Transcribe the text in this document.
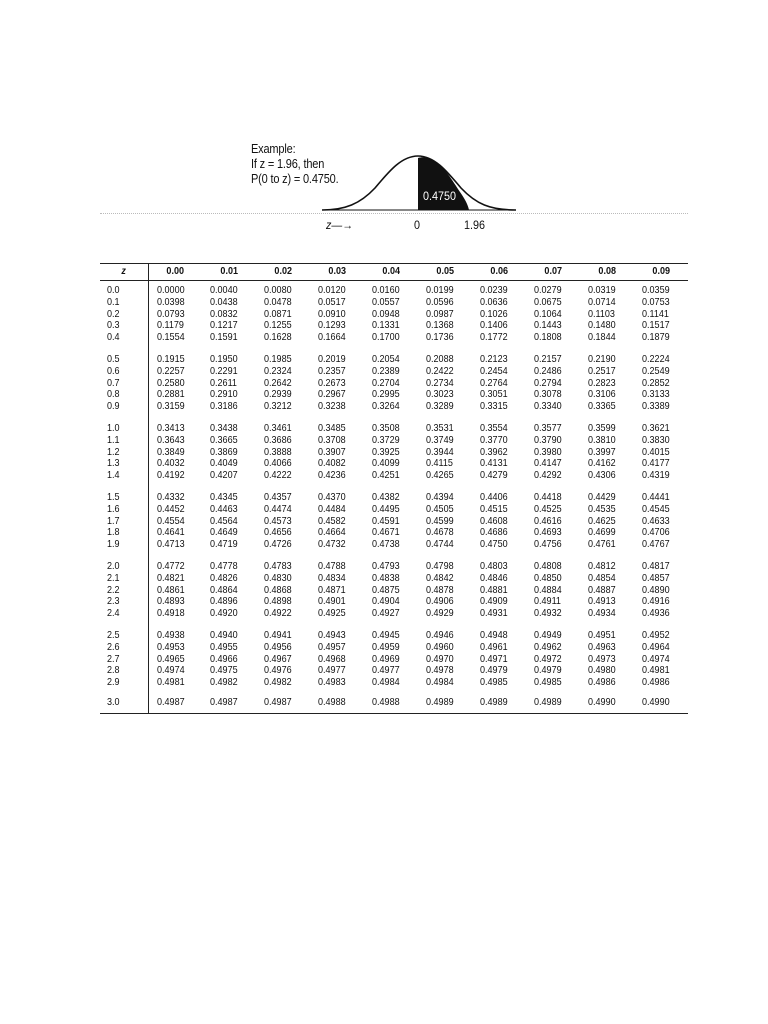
Example:
If z = 1.96, then
P(0 to z) = 0.4750.
0.4750
z—→	0	1.96
z	0.00	0.01	0.02	0.03	0.04	0.05	0.06	0.07	0.08	0.09
0.0	0.0000	0.0040	0.0080	0.0120	0.0160	0.0199	0.0239	0.0279	0.0319	0.0359
0.1	0.0398	0.0438	0.0478	0.0517	0.0557	0.0596	0.0636	0.0675	0.0714	0.0753
0.2	0.0793	0.0832	0.0871	0.0910	0.0948	0.0987	0.1026	0.1064	0.1103	0.1141
0.3	0.1179	0.1217	0.1255	0.1293	0.1331	0.1368	0.1406	0.1443	0.1480	0.1517
0.4	0.1554	0.1591	0.1628	0.1664	0.1700	0.1736	0.1772	0.1808	0.1844	0.1879

0.5	0.1915	0.1950	0.1985	0.2019	0.2054	0.2088	0.2123	0.2157	0.2190	0.2224
0.6	0.2257	0.2291	0.2324	0.2357	0.2389	0.2422	0.2454	0.2486	0.2517	0.2549
0.7	0.2580	0.2611	0.2642	0.2673	0.2704	0.2734	0.2764	0.2794	0.2823	0.2852
0.8	0.2881	0.2910	0.2939	0.2967	0.2995	0.3023	0.3051	0.3078	0.3106	0.3133
0.9	0.3159	0.3186	0.3212	0.3238	0.3264	0.3289	0.3315	0.3340	0.3365	0.3389

1.0	0.3413	0.3438	0.3461	0.3485	0.3508	0.3531	0.3554	0.3577	0.3599	0.3621
1.1	0.3643	0.3665	0.3686	0.3708	0.3729	0.3749	0.3770	0.3790	0.3810	0.3830
1.2	0.3849	0.3869	0.3888	0.3907	0.3925	0.3944	0.3962	0.3980	0.3997	0.4015
1.3	0.4032	0.4049	0.4066	0.4082	0.4099	0.4115	0.4131	0.4147	0.4162	0.4177
1.4	0.4192	0.4207	0.4222	0.4236	0.4251	0.4265	0.4279	0.4292	0.4306	0.4319

1.5	0.4332	0.4345	0.4357	0.4370	0.4382	0.4394	0.4406	0.4418	0.4429	0.4441
1.6	0.4452	0.4463	0.4474	0.4484	0.4495	0.4505	0.4515	0.4525	0.4535	0.4545
1.7	0.4554	0.4564	0.4573	0.4582	0.4591	0.4599	0.4608	0.4616	0.4625	0.4633
1.8	0.4641	0.4649	0.4656	0.4664	0.4671	0.4678	0.4686	0.4693	0.4699	0.4706
1.9	0.4713	0.4719	0.4726	0.4732	0.4738	0.4744	0.4750	0.4756	0.4761	0.4767

2.0	0.4772	0.4778	0.4783	0.4788	0.4793	0.4798	0.4803	0.4808	0.4812	0.4817
2.1	0.4821	0.4826	0.4830	0.4834	0.4838	0.4842	0.4846	0.4850	0.4854	0.4857
2.2	0.4861	0.4864	0.4868	0.4871	0.4875	0.4878	0.4881	0.4884	0.4887	0.4890
2.3	0.4893	0.4896	0.4898	0.4901	0.4904	0.4906	0.4909	0.4911	0.4913	0.4916
2.4	0.4918	0.4920	0.4922	0.4925	0.4927	0.4929	0.4931	0.4932	0.4934	0.4936

2.5	0.4938	0.4940	0.4941	0.4943	0.4945	0.4946	0.4948	0.4949	0.4951	0.4952
2.6	0.4953	0.4955	0.4956	0.4957	0.4959	0.4960	0.4961	0.4962	0.4963	0.4964
2.7	0.4965	0.4966	0.4967	0.4968	0.4969	0.4970	0.4971	0.4972	0.4973	0.4974
2.8	0.4974	0.4975	0.4976	0.4977	0.4977	0.4978	0.4979	0.4979	0.4980	0.4981
2.9	0.4981	0.4982	0.4982	0.4983	0.4984	0.4984	0.4985	0.4985	0.4986	0.4986
3.0	0.4987	0.4987	0.4987	0.4988	0.4988	0.4989	0.4989	0.4989	0.4990	0.4990
